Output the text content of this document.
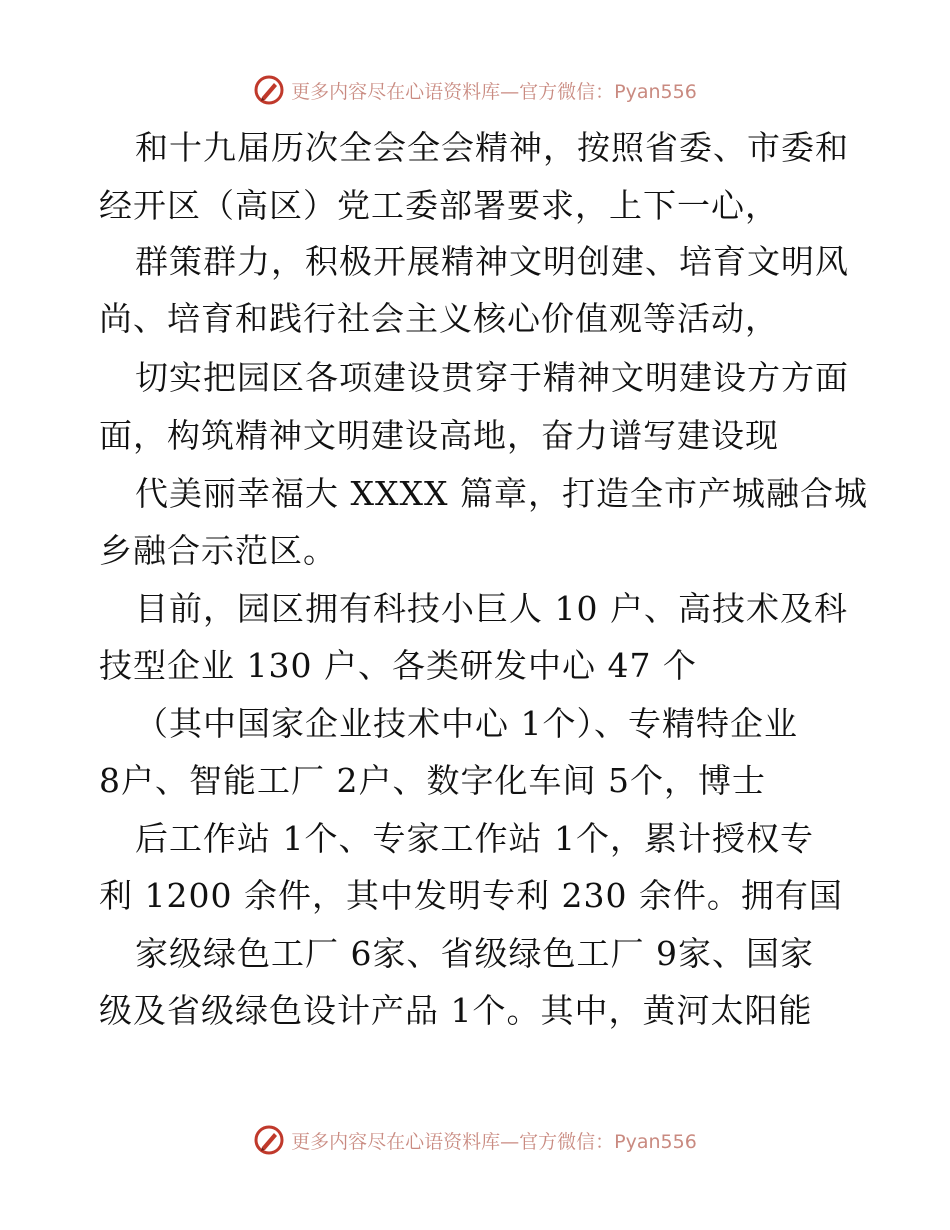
更多内容尽在心语资料库—官方微信：Pyan556
和十九届历次全会全会精神，按照省委、市委和
经开区（高区）党工委部署要求，上下一心，
群策群力，积极开展精神文明创建、培育文明风
尚、培育和践行社会主义核心价值观等活动，
切实把园区各项建设贯穿于精神文明建设方方面
面，构筑精神文明建设高地，奋力谱写建设现
代美丽幸福大 XXXX 篇章，打造全市产城融合城
乡融合示范区。
目前，园区拥有科技小巨人 10 户、高技术及科
技型企业 130 户、各类研发中心 47 个
（其中国家企业技术中心 1个）、专精特企业
8户、智能工厂 2户、数字化车间 5个，博士
后工作站 1个、专家工作站 1个，累计授权专
利 1200 余件，其中发明专利 230 余件。拥有国
家级绿色工厂 6家、省级绿色工厂 9家、国家
级及省级绿色设计产品 1个。其中，黄河太阳能
更多内容尽在心语资料库—官方微信：Pyan556
